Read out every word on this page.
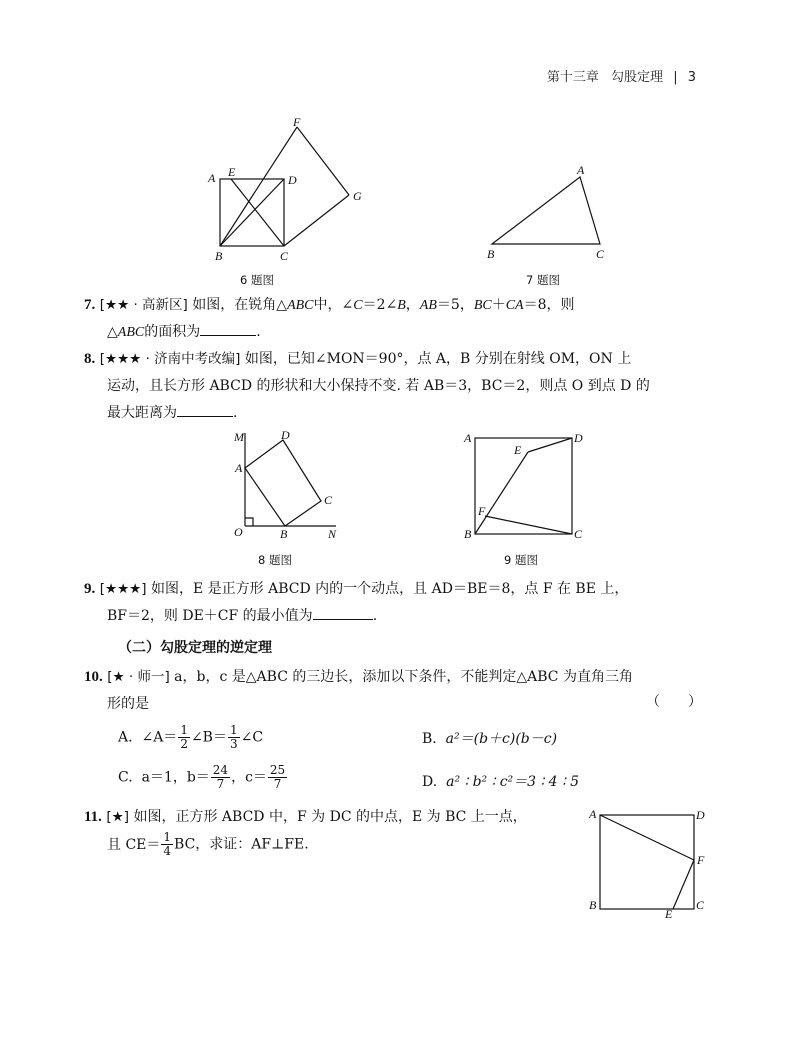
第十三章 勾股定理 | 3
F
A E
D
G
B	C
6 题图
A
B	C
7 题图
7. [★★ · 高新区] 如图，在锐角△ABC中，∠C＝2∠B，AB＝5，BC＋CA＝8，则
△ABC的面积为	.
8. [★★★ · 济南中考改编] 如图，已知∠MON＝90°，点 A，B 分别在射线 OM，ON 上
运动，且长方形 ABCD 的形状和大小保持不变. 若 AB＝3，BC＝2，则点 O 到点 D 的
最大距离为	.
M	D
A
C
O	B	N
8 题图
A	D
E
F
B	C
9 题图
9. [★★★] 如图，E 是正方形 ABCD 内的一个动点，且 AD＝BE＝8，点 F 在 BE 上，
BF＝2，则 DE＋CF 的最小值为	.
（二）勾股定理的逆定理
10. [★ · 师一] a，b，c 是△ABC 的三边长，添加以下条件，不能判定△ABC 为直角三角
形的是	（　　）
A. ∠A＝ $\frac{1}{2}$ ∠B＝ $\frac{1}{3}$ ∠C	B. a²＝(b＋c)(b－c)
C. a＝1，$b= \frac{24}{7}$ ，$c= \frac{25}{7}$	D. a² ∶ b² ∶ c²＝3 ∶ 4 ∶ 5
11. [★] 如图，正方形 ABCD 中，F 为 DC 的中点，E 为 BC 上一点，
且 $CE= \frac{1}{4}$ BC，求证：AF⊥FE.
A	D
F
B
E
C
